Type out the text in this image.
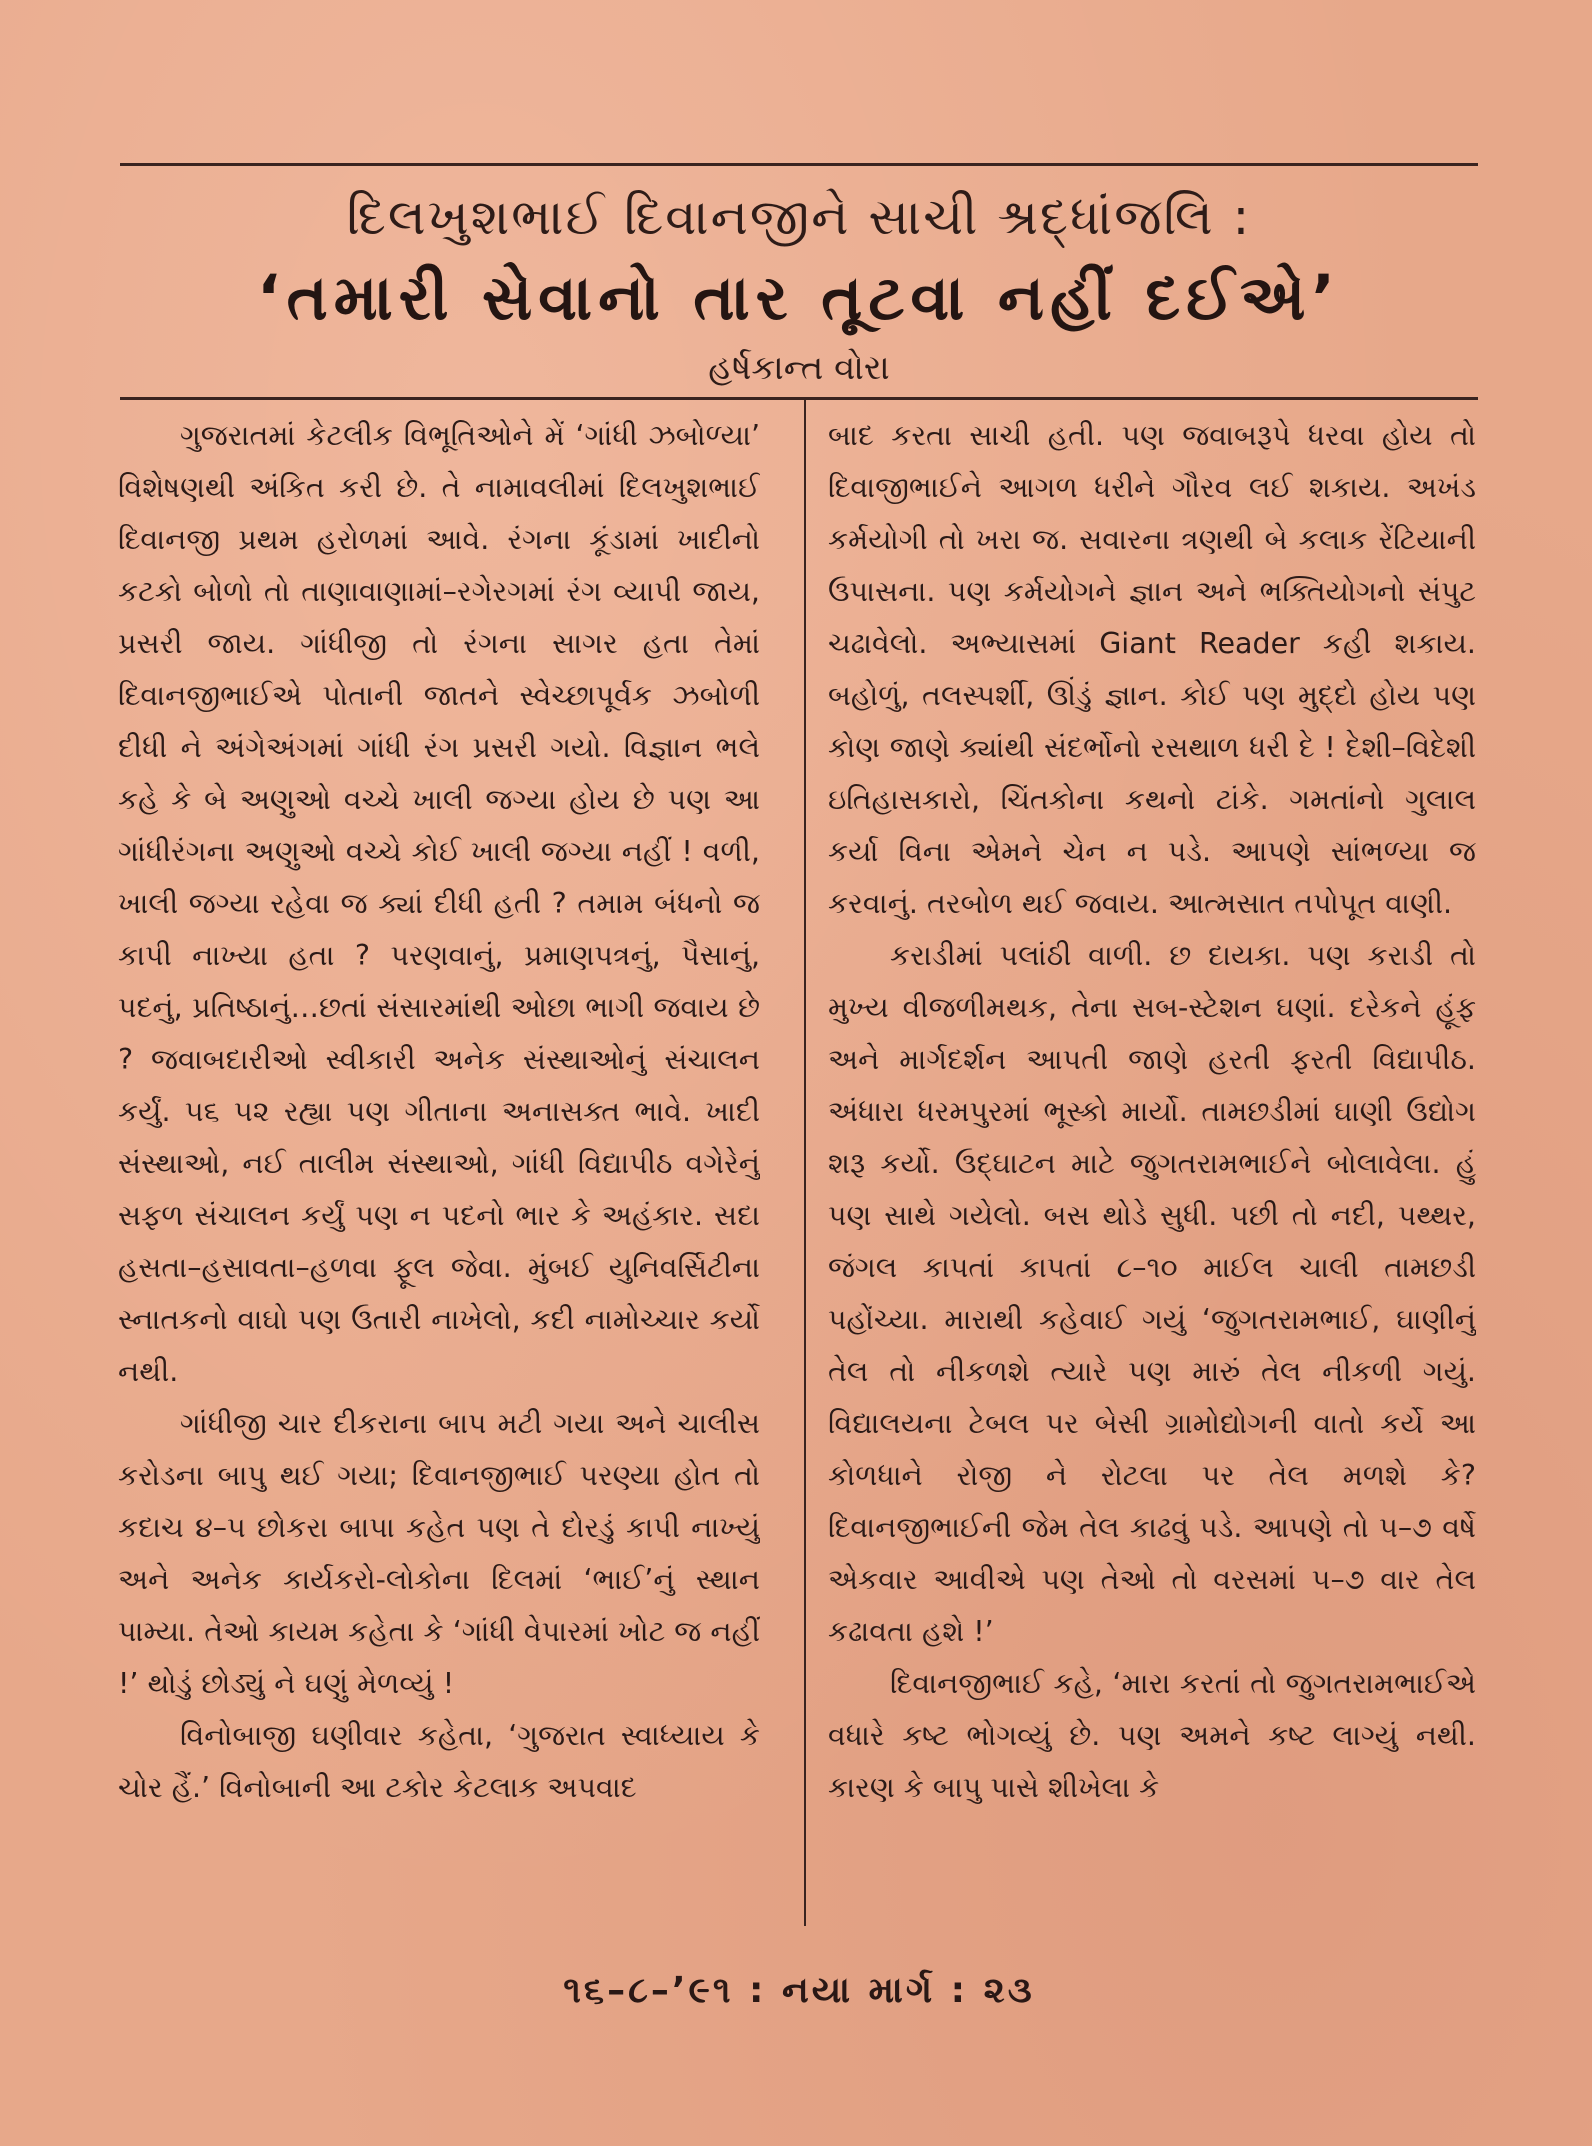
દિલખુશભાઈ દિવાનજીને સાચી શ્રદ્ધાંજલિ :
‘તમારી સેવાનો તાર તૂટવા નહીં દઈએ’
હર્ષકાન્ત વોરા

ગુજરાતમાં કેટલીક વિભૂતિઓને મેં ‘ગાંધી ઝબોળ્યા’ વિશેષણથી અંકિત કરી છે. તે નામાવલીમાં દિલખુશભાઈ દિવાનજી પ્રથમ હરોળમાં આવે. રંગના કૂંડામાં ખાદીનો કટકો બોળો તો તાણાવાણામાં–રગેરગમાં રંગ વ્યાપી જાય, પ્રસરી જાય. ગાંધીજી તો રંગના સાગર હતા તેમાં દિવાનજીભાઈએ પોતાની જાતને સ્વેચ્છાપૂર્વક ઝબોળી દીધી ને અંગેઅંગમાં ગાંધી રંગ પ્રસરી ગયો. વિજ્ઞાન ભલે કહે કે બે અણુઓ વચ્ચે ખાલી જગ્યા હોય છે પણ આ ગાંધીરંગના અણુઓ વચ્ચે કોઈ ખાલી જગ્યા નહીં ! વળી, ખાલી જગ્યા રહેવા જ ક્યાં દીધી હતી ? તમામ બંધનો જ કાપી નાખ્યા હતા ? પરણવાનું, પ્રમાણપત્રનું, પૈસાનું, પદનું, પ્રતિષ્ઠાનું…છતાં સંસારમાંથી ઓછા ભાગી જવાય છે ? જવાબદારીઓ સ્વીકારી અનેક સંસ્થાઓનું સંચાલન કર્યું. ૫૬ ૫૨ રહ્યા પણ ગીતાના અનાસક્ત ભાવે. ખાદી સંસ્થાઓ, નઈ તાલીમ સંસ્થાઓ, ગાંધી વિદ્યાપીઠ વગેરેનું સફળ સંચાલન કર્યું પણ ન પદનો ભાર કે અહંકાર. સદા હસતા–હસાવતા–હળવા ફૂલ જેવા. મુંબઈ યુનિવર્સિટીના સ્નાતકનો વાઘો પણ ઉતારી નાખેલો, કદી નામોચ્ચાર કર્યો નથી.

ગાંધીજી ચાર દીકરાના બાપ મટી ગયા અને ચાલીસ કરોડના બાપુ થઈ ગયા; દિવાનજીભાઈ પરણ્યા હોત તો કદાચ ૪–૫ છોકરા બાપા કહેત પણ તે દોરડું કાપી નાખ્યું અને અનેક કાર્યકરો-લોકોના દિલમાં ‘ભાઈ’નું સ્થાન પામ્યા. તેઓ કાયમ કહેતા કે ‘ગાંધી વેપારમાં ખોટ જ નહીં !’ થોડું છોડ્યું ને ઘણું મેળવ્યું !

વિનોબાજી ઘણીવાર કહેતા, ‘ગુજરાત સ્વાધ્યાય કે ચોર હૈં.’ વિનોબાની આ ટકોર કેટલાક અપવાદ

બાદ કરતા સાચી હતી. પણ જવાબરૂપે ધરવા હોય તો દિવાજીભાઈને આગળ ધરીને ગૌરવ લઈ શકાય. અખંડ કર્મયોગી તો ખરા જ. સવારના ત્રણથી બે કલાક રેંટિયાની ઉપાસના. પણ કર્મયોગને જ્ઞાન અને ભક્તિયોગનો સંપુટ ચઢાવેલો. અભ્યાસમાં Giant Reader કહી શકાય. બહોળું, તલસ્પર્શી, ઊંડું જ્ઞાન. કોઈ પણ મુદ્દો હોય પણ કોણ જાણે ક્યાંથી સંદર્ભોનો રસથાળ ધરી દે ! દેશી–વિદેશી ઇતિહાસકારો, ચિંતકોના કથનો ટાંકે. ગમતાંનો ગુલાલ કર્યા વિના એમને ચેન ન પડે. આપણે સાંભળ્યા જ કરવાનું. તરબોળ થઈ જવાય. આત્મસાત તપોપૂત વાણી.

કરાડીમાં પલાંઠી વાળી. છ દાયકા. પણ કરાડી તો મુખ્ય વીજળીમથક, તેના સબ-સ્ટેશન ઘણાં. દરેકને હૂંફ અને માર્ગદર્શન આપતી જાણે હરતી ફરતી વિદ્યાપીઠ. અંધારા ધરમપુરમાં ભૂસ્કો માર્યો. તામછડીમાં ઘાણી ઉદ્યોગ શરૂ કર્યો. ઉદ્ઘાટન માટે જુગતરામભાઈને બોલાવેલા. હું પણ સાથે ગયેલો. બસ થોડે સુધી. પછી તો નદી, પથ્થર, જંગલ કાપતાં કાપતાં ૮–૧૦ માઈલ ચાલી તામછડી પહોંચ્યા. મારાથી કહેવાઈ ગયું ‘જુગતરામભાઈ, ઘાણીનું તેલ તો નીકળશે ત્યારે પણ મારું તેલ નીકળી ગયું. વિદ્યાલયના ટેબલ પર બેસી ગ્રામોદ્યોગની વાતો કર્યે આ કોળધાને રોજી ને રોટલા પર તેલ મળશે કે? દિવાનજીભાઈની જેમ તેલ કાઢવું પડે. આપણે તો ૫–૭ વર્ષે એકવાર આવીએ પણ તેઓ તો વરસમાં ૫–૭ વાર તેલ કઢાવતા હશે !’

દિવાનજીભાઈ કહે, ‘મારા કરતાં તો જુગતરામભાઈએ વધારે કષ્ટ ભોગવ્યું છે. પણ અમને કષ્ટ લાગ્યું નથી. કારણ કે બાપુ પાસે શીખેલા કે

૧૬–૮–’૯૧ : નયા માર્ગ : ૨૩
